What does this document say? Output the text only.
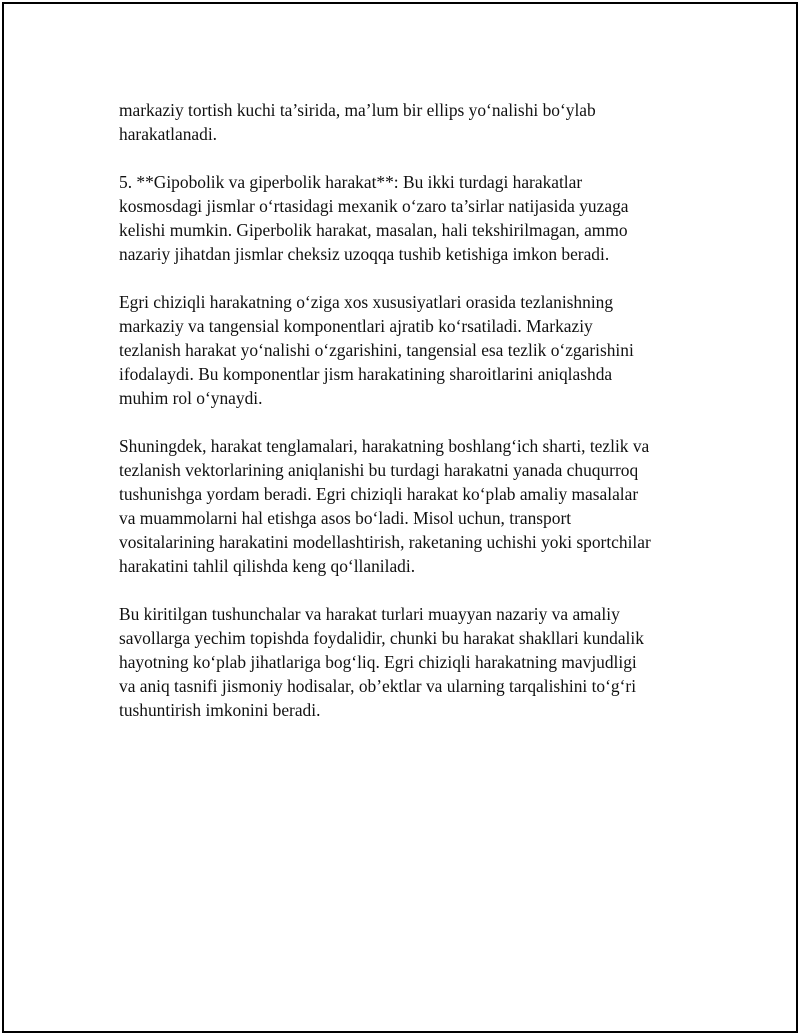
markaziy tortish kuchi ta’sirida, ma’lum bir ellips yo‘nalishi bo‘ylab
harakatlanadi.

5. **Gipobolik va giperbolik harakat**: Bu ikki turdagi harakatlar
kosmosdagi jismlar o‘rtasidagi mexanik o‘zaro ta’sirlar natijasida yuzaga
kelishi mumkin. Giperbolik harakat, masalan, hali tekshirilmagan, ammo
nazariy jihatdan jismlar cheksiz uzoqqa tushib ketishiga imkon beradi.

Egri chiziqli harakatning o‘ziga xos xususiyatlari orasida tezlanishning
markaziy va tangensial komponentlari ajratib ko‘rsatiladi. Markaziy
tezlanish harakat yo‘nalishi o‘zgarishini, tangensial esa tezlik o‘zgarishini
ifodalaydi. Bu komponentlar jism harakatining sharoitlarini aniqlashda
muhim rol o‘ynaydi.

Shuningdek, harakat tenglamalari, harakatning boshlang‘ich sharti, tezlik va
tezlanish vektorlarining aniqlanishi bu turdagi harakatni yanada chuqurroq
tushunishga yordam beradi. Egri chiziqli harakat ko‘plab amaliy masalalar
va muammolarni hal etishga asos bo‘ladi. Misol uchun, transport
vositalarining harakatini modellashtirish, raketaning uchishi yoki sportchilar
harakatini tahlil qilishda keng qo‘llaniladi.

Bu kiritilgan tushunchalar va harakat turlari muayyan nazariy va amaliy
savollarga yechim topishda foydalidir, chunki bu harakat shakllari kundalik
hayotning ko‘plab jihatlariga bog‘liq. Egri chiziqli harakatning mavjudligi
va aniq tasnifi jismoniy hodisalar, ob’ektlar va ularning tarqalishini to‘g‘ri
tushuntirish imkonini beradi.
